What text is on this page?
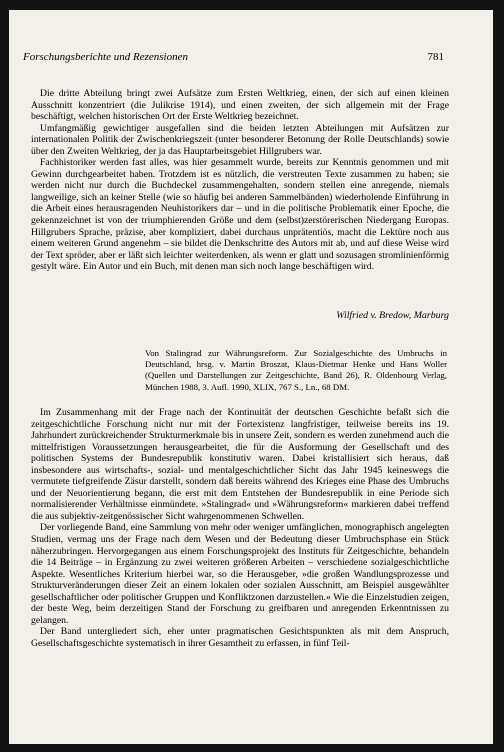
Forschungsberichte und Rezensionen	781

Die dritte Abteilung bringt zwei Aufsätze zum Ersten Weltkrieg, einen, der sich auf einen kleinen Ausschnitt konzentriert (die Julikrise 1914), und einen zweiten, der sich allgemein mit der Frage beschäftigt, welchen historischen Ort der Erste Weltkrieg bezeichnet.

Umfangmäßig gewichtiger ausgefallen sind die beiden letzten Abteilungen mit Aufsätzen zur internationalen Politik der Zwischenkriegszeit (unter besonderer Betonung der Rolle Deutschlands) sowie über den Zweiten Weltkrieg, der ja das Hauptarbeitsgebiet Hillgrubers war.

Fachhistoriker werden fast alles, was hier gesammelt wurde, bereits zur Kenntnis genommen und mit Gewinn durchgearbeitet haben. Trotzdem ist es nützlich, die verstreuten Texte zusammen zu haben; sie werden nicht nur durch die Buchdeckel zusammengehalten, sondern stellen eine anregende, niemals langweilige, sich an keiner Stelle (wie so häufig bei anderen Sammelbänden) wiederholende Einführung in die Arbeit eines herausragenden Neuhistorikers dar – und in die politische Problematik einer Epoche, die gekennzeichnet ist von der triumphierenden Größe und dem (selbst)zerstörerischen Niedergang Europas. Hillgrubers Sprache, präzise, aber kompliziert, dabei durchaus unprätentiös, macht die Lektüre noch aus einem weiteren Grund angenehm – sie bildet die Denkschritte des Autors mit ab, und auf diese Weise wird der Text spröder, aber er läßt sich leichter weiterdenken, als wenn er glatt und sozusagen stromlinienförmig gestylt wäre. Ein Autor und ein Buch, mit denen man sich noch lange beschäftigen wird.

Wilfried v. Bredow, Marburg

Von Stalingrad zur Währungsreform. Zur Sozialgeschichte des Umbruchs in Deutschland, hrsg. v. Martin Broszat, Klaus-Dietmar Henke und Hans Woller (Quellen und Darstellungen zur Zeitgeschichte, Band 26), R. Oldenbourg Verlag, München 1988, 3. Aufl. 1990, XLIX, 767 S., Ln., 68 DM.

Im Zusammenhang mit der Frage nach der Kontinuität der deutschen Geschichte befaßt sich die zeitgeschichtliche Forschung nicht nur mit der Fortexistenz langfristiger, teilweise bereits ins 19. Jahrhundert zurückreichender Strukturmerkmale bis in unsere Zeit, sondern es werden zunehmend auch die mittelfristigen Voraussetzungen herausgearbeitet, die für die Ausformung der Gesellschaft und des politischen Systems der Bundesrepublik konstitutiv waren. Dabei kristallisiert sich heraus, daß insbesondere aus wirtschafts-, sozial- und mentalgeschichtlicher Sicht das Jahr 1945 keineswegs die vermutete tiefgreifende Zäsur darstellt, sondern daß bereits während des Krieges eine Phase des Umbruchs und der Neuorientierung begann, die erst mit dem Entstehen der Bundesrepublik in eine Periode sich normalisierender Verhältnisse einmündete. »Stalingrad« und »Währungsreform« markieren dabei treffend die aus subjektiv-zeitgenössischer Sicht wahrgenommenen Schwellen.

Der vorliegende Band, eine Sammlung von mehr oder weniger umfänglichen, monographisch angelegten Studien, vermag uns der Frage nach dem Wesen und der Bedeutung dieser Umbruchsphase ein Stück näherzubringen. Hervorgegangen aus einem Forschungsprojekt des Instituts für Zeitgeschichte, behandeln die 14 Beiträge – in Ergänzung zu zwei weiteren größeren Arbeiten – verschiedene sozialgeschichtliche Aspekte. Wesentliches Kriterium hierbei war, so die Herausgeber, »die großen Wandlungsprozesse und Strukturveränderungen dieser Zeit an einem lokalen oder sozialen Ausschnitt, am Beispiel ausgewählter gesellschaftlicher oder politischer Gruppen und Konfliktzonen darzustellen.« Wie die Einzelstudien zeigen, der beste Weg, beim derzeitigen Stand der Forschung zu greifbaren und anregenden Erkenntnissen zu gelangen.

Der Band untergliedert sich, eher unter pragmatischen Gesichtspunkten als mit dem Anspruch, Gesellschaftsgeschichte systematisch in ihrer Gesamtheit zu erfassen, in fünf Teil-
